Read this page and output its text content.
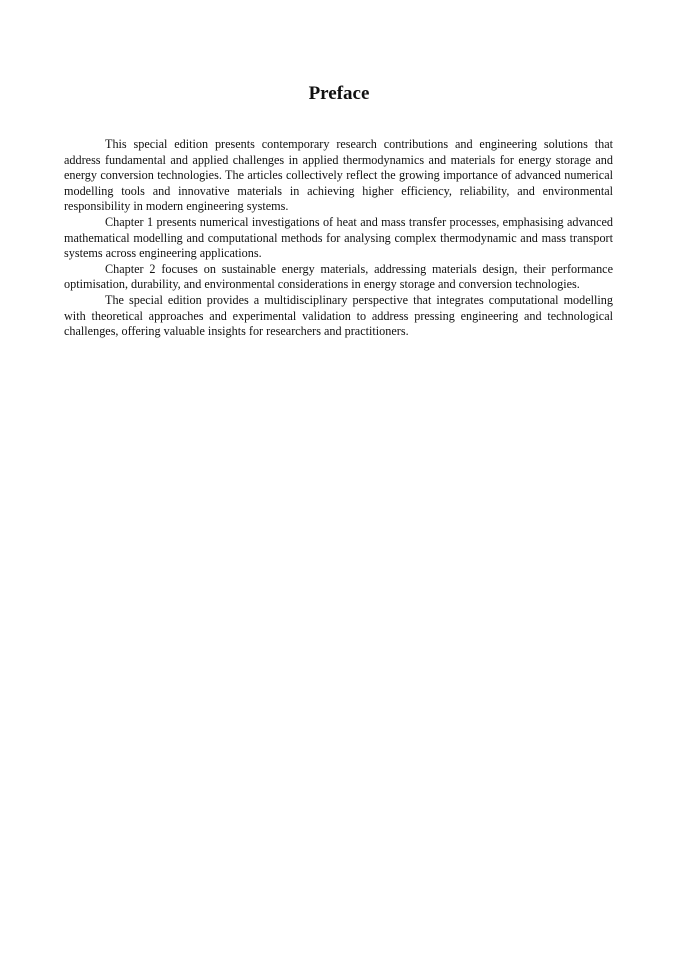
Preface

This special edition presents contemporary research contributions and engineering solutions that address fundamental and applied challenges in applied thermodynamics and materials for energy storage and energy conversion technologies. The articles collectively reflect the growing importance of advanced numerical modelling tools and innovative materials in achieving higher efficiency, reliability, and environmental responsibility in modern engineering systems.

Chapter 1 presents numerical investigations of heat and mass transfer processes, emphasising advanced mathematical modelling and computational methods for analysing complex thermodynamic and mass transport systems across engineering applications.

Chapter 2 focuses on sustainable energy materials, addressing materials design, their performance optimisation, durability, and environmental considerations in energy storage and conversion technologies.

The special edition provides a multidisciplinary perspective that integrates computational modelling with theoretical approaches and experimental validation to address pressing engineering and technological challenges, offering valuable insights for researchers and practitioners.
